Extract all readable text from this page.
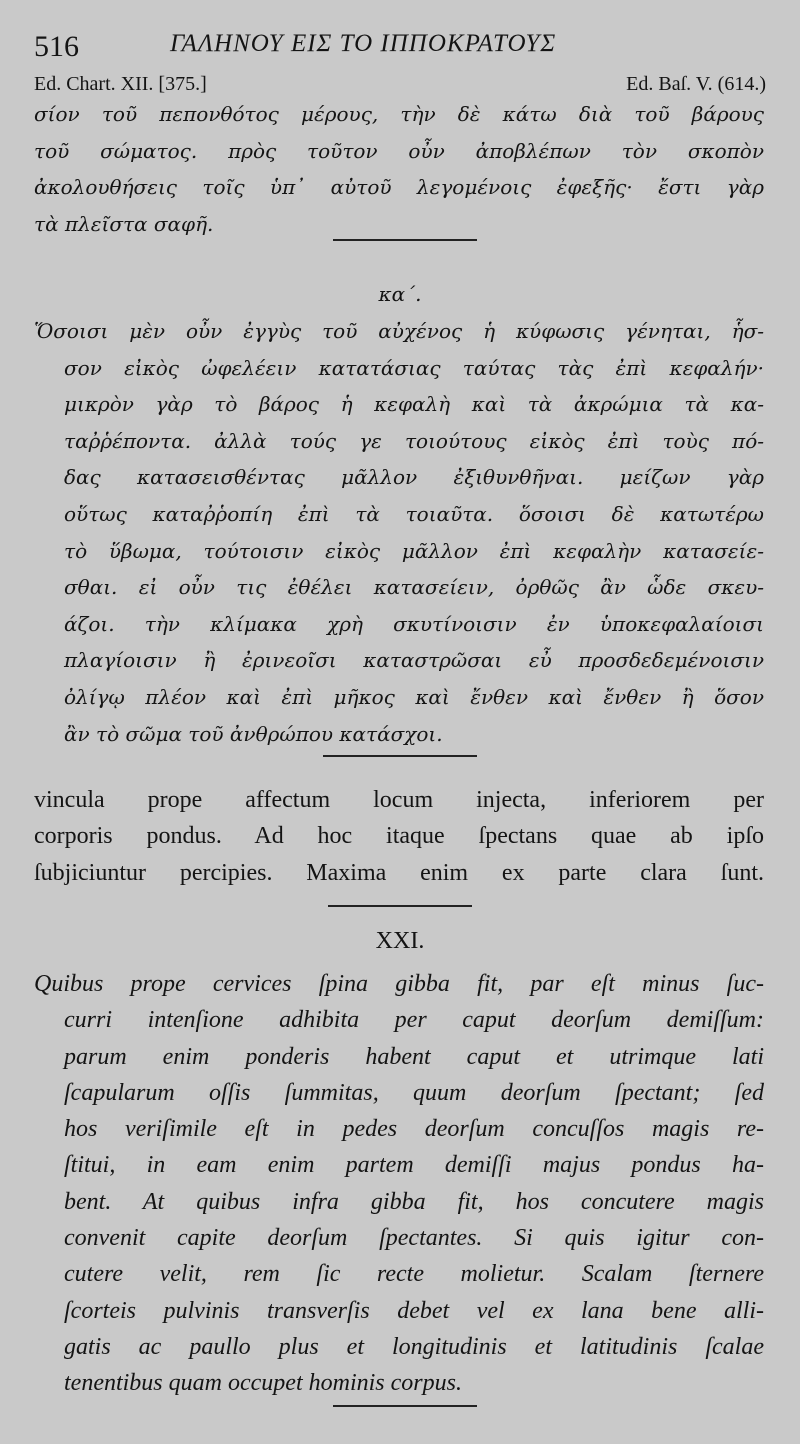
516	ΓΑΛΗΝΟΥ ΕΙΣ ΤΟ ΙΠΠΟΚΡΑΤΟΥΣ
Ed. Chart. XII. [375.]	Ed. Baſ. V. (614.)
σίον τοῦ πεπονθότος μέρους, τὴν δὲ κάτω διὰ τοῦ βάρους
τοῦ σώματος. πρὸς τοῦτον οὖν ἀποβλέπων τὸν σκοπὸν
ἀκολουθήσεις τοῖς ὑπ᾽ αὐτοῦ λεγομένοις ἐφεξῆς· ἔστι γὰρ
τὰ πλεῖστα σαφῆ.
κα΄.
Ὅσοισι μὲν οὖν ἐγγὺς τοῦ αὐχένος ἡ κύφωσις γένηται, ἧσ-
σον εἰκὸς ὠφελέειν κατατάσιας ταύτας τὰς ἐπὶ κεφαλήν·
μικρὸν γὰρ τὸ βάρος ἡ κεφαλὴ καὶ τὰ ἀκρώμια τὰ κα-
ταῤῥέποντα. ἀλλὰ τούς γε τοιούτους εἰκὸς ἐπὶ τοὺς πό-
δας κατασεισθέντας μᾶλλον ἐξιθυνθῆναι. μείζων γὰρ
οὕτως καταῤῥοπίη ἐπὶ τὰ τοιαῦτα. ὅσοισι δὲ κατωτέρω
τὸ ὕβωμα, τούτοισιν εἰκὸς μᾶλλον ἐπὶ κεφαλὴν κατασείε-
σθαι. εἰ οὖν τις ἐθέλει κατασείειν, ὀρθῶς ἂν ὧδε σκευ-
άζοι. τὴν κλίμακα χρὴ σκυτίνοισιν ἐν ὑποκεφαλαίοισι
πλαγίοισιν ἢ ἐρινεοῖσι καταστρῶσαι εὖ προσδεδεμένοισιν
ὀλίγῳ πλέον καὶ ἐπὶ μῆκος καὶ ἔνθεν καὶ ἔνθεν ἢ ὅσον
ἂν τὸ σῶμα τοῦ ἀνθρώπου κατάσχοι.
vincula prope affectum locum injecta, inferiorem per
corporis pondus. Ad hoc itaque ſpectans quae ab ipſo
ſubjiciuntur percipies. Maxima enim ex parte clara ſunt.
XXI.
Quibus prope cervices ſpina gibba fit, par eſt minus ſuc-
curri intenſione adhibita per caput deorſum demiſſum:
parum enim ponderis habent caput et utrimque lati
ſcapularum oſſis ſummitas, quum deorſum ſpectant; ſed
hos veriſimile eſt in pedes deorſum concuſſos magis re-
ſtitui, in eam enim partem demiſſi majus pondus ha-
bent. At quibus infra gibba fit, hos concutere magis
convenit capite deorſum ſpectantes. Si quis igitur con-
cutere velit, rem ſic recte molietur. Scalam ſternere
ſcorteis pulvinis transverſis debet vel ex lana bene alli-
gatis ac paullo plus et longitudinis et latitudinis ſcalae
tenentibus quam occupet hominis corpus.
